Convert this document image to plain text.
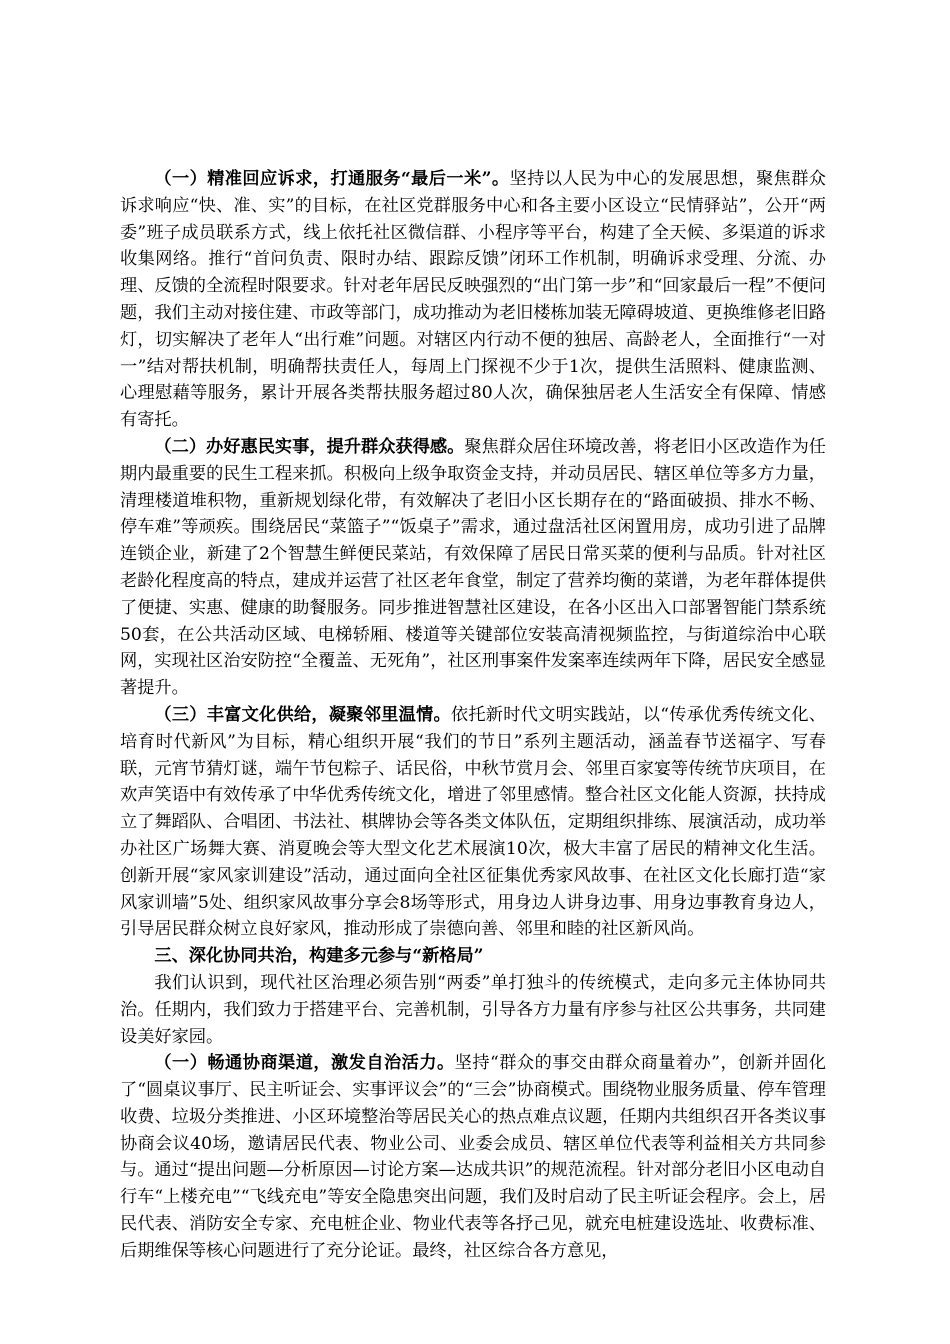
（一）精准回应诉求，打通服务“最后一米”。坚持以人民为中心的发展思想，聚焦群众诉求响应“快、准、实”的目标，在社区党群服务中心和各主要小区设立“民情驿站”，公开“两委”班子成员联系方式，线上依托社区微信群、小程序等平台，构建了全天候、多渠道的诉求收集网络。推行“首问负责、限时办结、跟踪反馈”闭环工作机制，明确诉求受理、分流、办理、反馈的全流程时限要求。针对老年居民反映强烈的“出门第一步”和“回家最后一程”不便问题，我们主动对接住建、市政等部门，成功推动为老旧楼栋加装无障碍坡道、更换维修老旧路灯，切实解决了老年人“出行难”问题。对辖区内行动不便的独居、高龄老人，全面推行“一对一”结对帮扶机制，明确帮扶责任人，每周上门探视不少于1次，提供生活照料、健康监测、心理慰藉等服务，累计开展各类帮扶服务超过80人次，确保独居老人生活安全有保障、情感有寄托。

（二）办好惠民实事，提升群众获得感。聚焦群众居住环境改善，将老旧小区改造作为任期内最重要的民生工程来抓。积极向上级争取资金支持，并动员居民、辖区单位等多方力量，清理楼道堆积物，重新规划绿化带，有效解决了老旧小区长期存在的“路面破损、排水不畅、停车难”等顽疾。围绕居民“菜篮子”“饭桌子”需求，通过盘活社区闲置用房，成功引进了品牌连锁企业，新建了2个智慧生鲜便民菜站，有效保障了居民日常买菜的便利与品质。针对社区老龄化程度高的特点，建成并运营了社区老年食堂，制定了营养均衡的菜谱，为老年群体提供了便捷、实惠、健康的助餐服务。同步推进智慧社区建设，在各小区出入口部署智能门禁系统50套，在公共活动区域、电梯轿厢、楼道等关键部位安装高清视频监控，与街道综治中心联网，实现社区治安防控“全覆盖、无死角”，社区刑事案件发案率连续两年下降，居民安全感显著提升。

（三）丰富文化供给，凝聚邻里温情。依托新时代文明实践站，以“传承优秀传统文化、培育时代新风”为目标，精心组织开展“我们的节日”系列主题活动，涵盖春节送福字、写春联，元宵节猜灯谜，端午节包粽子、话民俗，中秋节赏月会、邻里百家宴等传统节庆项目，在欢声笑语中有效传承了中华优秀传统文化，增进了邻里感情。整合社区文化能人资源，扶持成立了舞蹈队、合唱团、书法社、棋牌协会等各类文体队伍，定期组织排练、展演活动，成功举办社区广场舞大赛、消夏晚会等大型文化艺术展演10次，极大丰富了居民的精神文化生活。创新开展“家风家训建设”活动，通过面向全社区征集优秀家风故事、在社区文化长廊打造“家风家训墙”5处、组织家风故事分享会8场等形式，用身边人讲身边事、用身边事教育身边人，引导居民群众树立良好家风，推动形成了崇德向善、邻里和睦的社区新风尚。

三、深化协同共治，构建多元参与“新格局”

我们认识到，现代社区治理必须告别“两委”单打独斗的传统模式，走向多元主体协同共治。任期内，我们致力于搭建平台、完善机制，引导各方力量有序参与社区公共事务，共同建设美好家园。

（一）畅通协商渠道，激发自治活力。坚持“群众的事交由群众商量着办”，创新并固化了“圆桌议事厅、民主听证会、实事评议会”的“三会”协商模式。围绕物业服务质量、停车管理收费、垃圾分类推进、小区环境整治等居民关心的热点难点议题，任期内共组织召开各类议事协商会议40场，邀请居民代表、物业公司、业委会成员、辖区单位代表等利益相关方共同参与。通过“提出问题—分析原因—讨论方案—达成共识”的规范流程。针对部分老旧小区电动自行车“上楼充电”“飞线充电”等安全隐患突出问题，我们及时启动了民主听证会程序。会上，居民代表、消防安全专家、充电桩企业、物业代表等各抒己见，就充电桩建设选址、收费标准、后期维保等核心问题进行了充分论证。最终，社区综合各方意见，
